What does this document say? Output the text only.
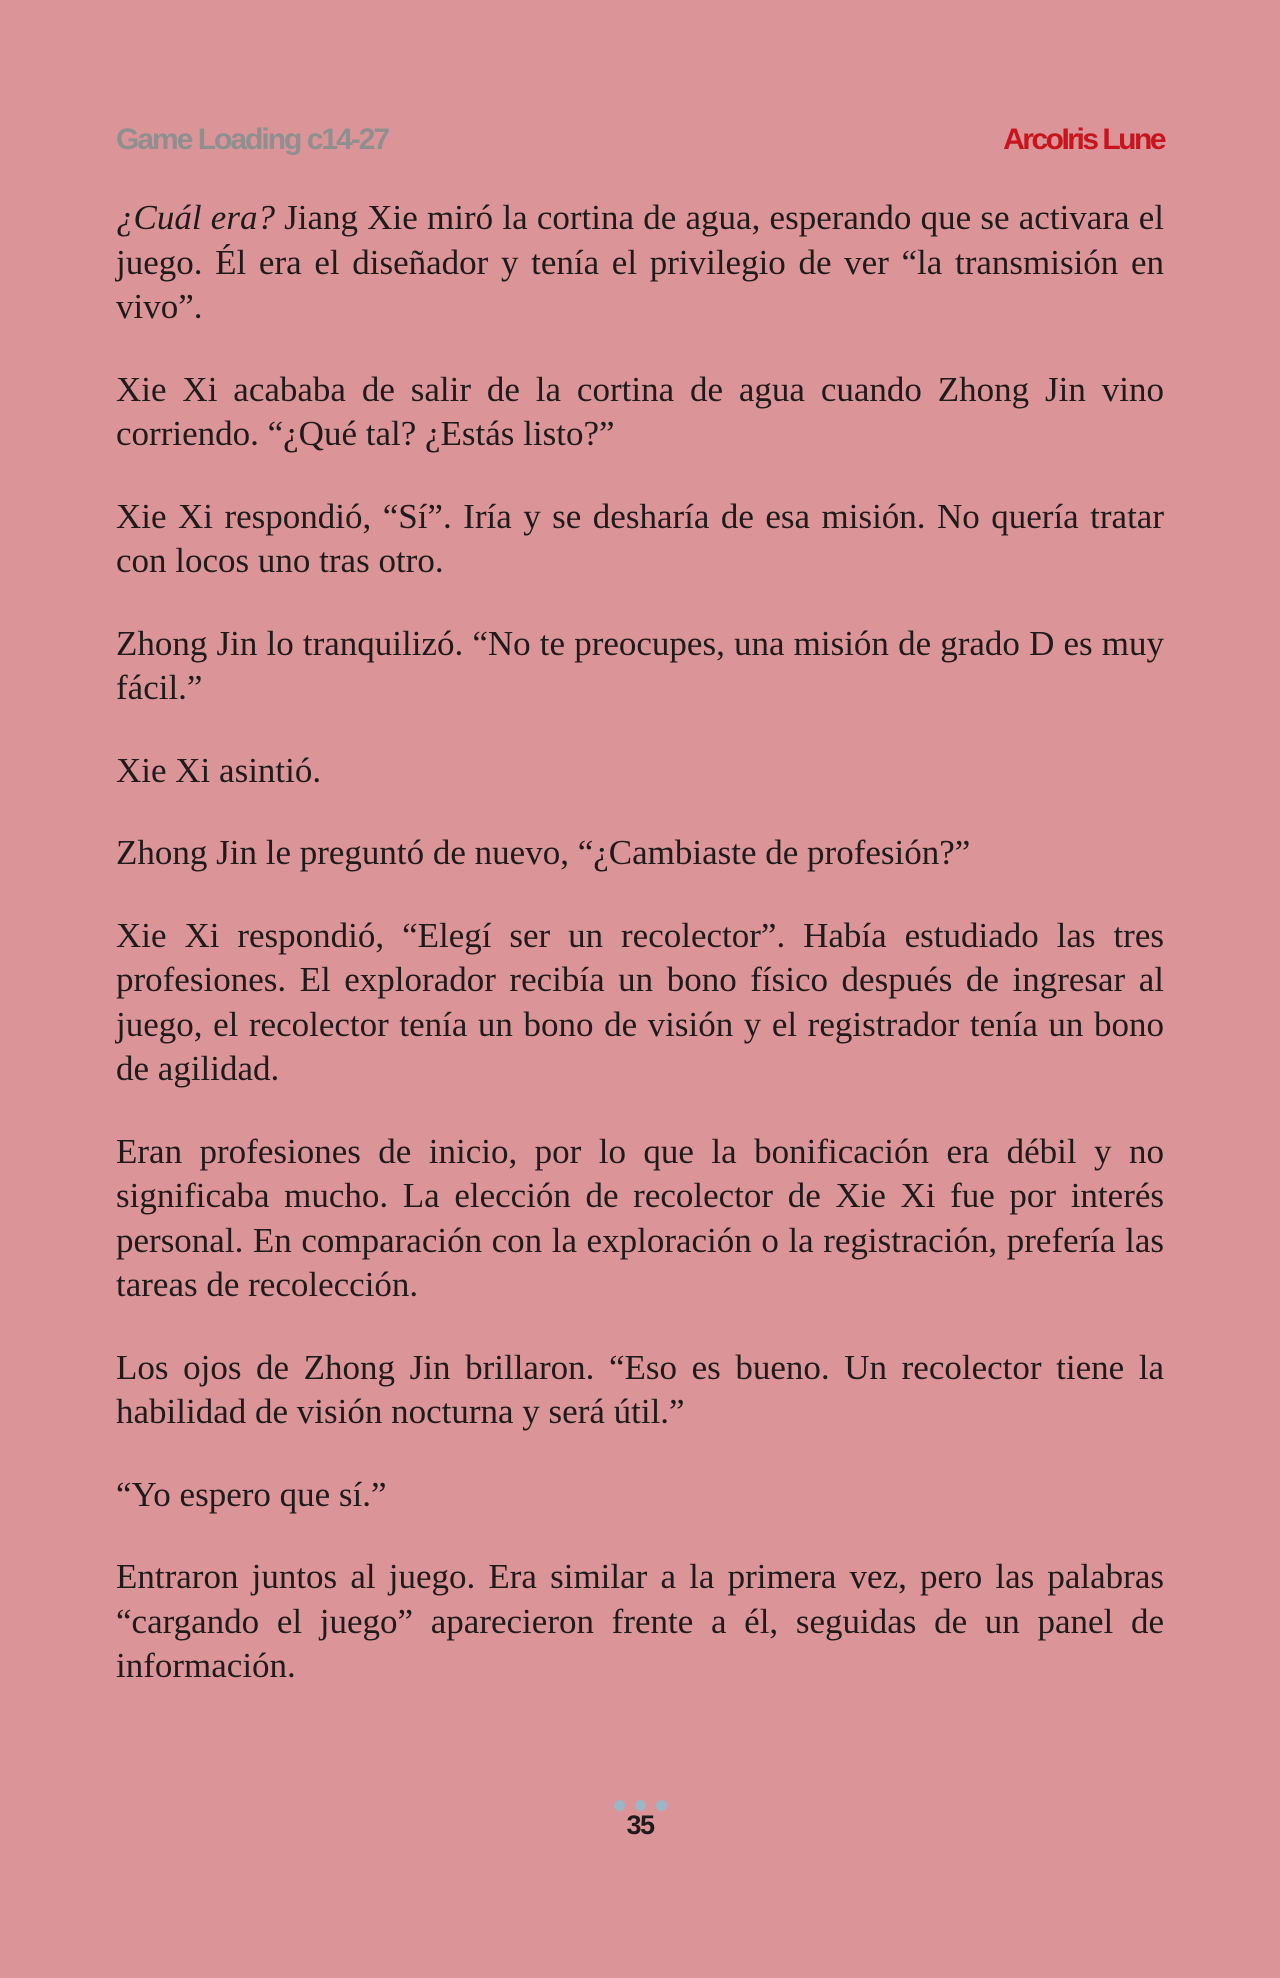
Game Loading c14-27	ArcoIris Lune

¿Cuál era? Jiang Xie miró la cortina de agua, esperando que se activara el juego. Él era el diseñador y tenía el privilegio de ver “la transmisión en vivo”.

Xie Xi acababa de salir de la cortina de agua cuando Zhong Jin vino corriendo. “¿Qué tal? ¿Estás listo?”

Xie Xi respondió, “Sí”. Iría y se desharía de esa misión. No quería tratar con locos uno tras otro.

Zhong Jin lo tranquilizó. “No te preocupes, una misión de grado D es muy fácil.”

Xie Xi asintió.

Zhong Jin le preguntó de nuevo, “¿Cambiaste de profesión?”

Xie Xi respondió, “Elegí ser un recolector”. Había estudiado las tres profesiones. El explorador recibía un bono físico después de ingresar al juego, el recolector tenía un bono de visión y el registrador tenía un bono de agilidad.

Eran profesiones de inicio, por lo que la bonificación era débil y no significaba mucho. La elección de recolector de Xie Xi fue por interés personal. En comparación con la exploración o la registración, prefería las tareas de recolección.

Los ojos de Zhong Jin brillaron. “Eso es bueno. Un recolector tiene la habilidad de visión nocturna y será útil.”

“Yo espero que sí.”

Entraron juntos al juego. Era similar a la primera vez, pero las palabras “cargando el juego” aparecieron frente a él, seguidas de un panel de información.

35
